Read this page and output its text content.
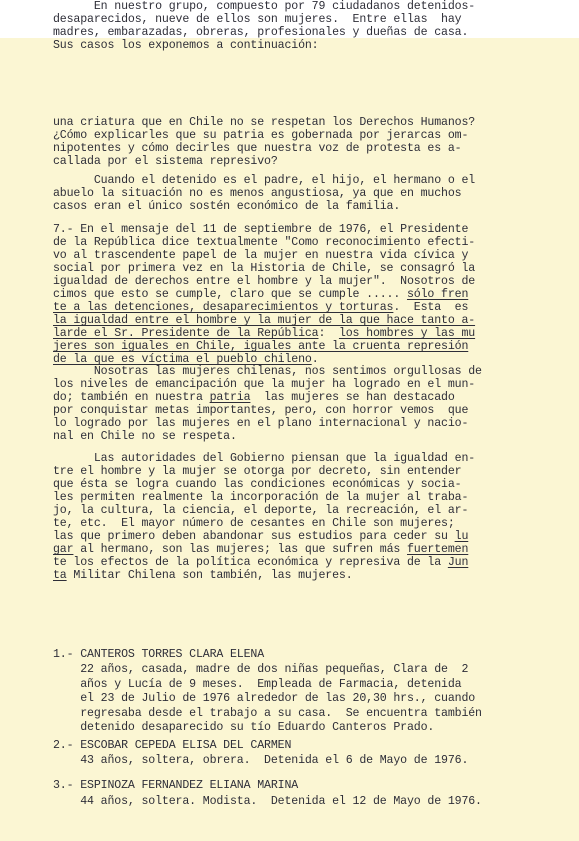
una criatura que en Chile no se respetan los Derechos Humanos?
¿Cómo explicarles que su patria es gobernada por jerarcas om-
nipotentes y cómo decirles que nuestra voz de protesta es a-
callada por el sistema represivo?
Cuando el detenido es el padre, el hijo, el hermano o el
abuelo la situación no es menos angustiosa, ya que en muchos
casos eran el único sostén económico de la familia.
7.- En el mensaje del 11 de septiembre de 1976, el Presidente
de la República dice textualmente "Como reconocimiento efecti-
vo al trascendente papel de la mujer en nuestra vida cívica y
social por primera vez en la Historia de Chile, se consagró la
igualdad de derechos entre el hombre y la mujer".  Nosotros de
cimos que esto se cumple, claro que se cumple ..... sólo fren
te a las detenciones, desaparecimientos y torturas.  Esta  es
la igualdad entre el hombre y la mujer de la que hace tanto a-
larde el Sr. Presidente de la República:  los hombres y las mu
jeres son iguales en Chile, iguales ante la cruenta represión
de la que es víctima el pueblo chileno.
Nosotras las mujeres chilenas, nos sentimos orgullosas de
los niveles de emancipación que la mujer ha logrado en el mun-
do; también en nuestra patria  las mujeres se han destacado
por conquistar metas importantes, pero, con horror vemos  que
lo logrado por las mujeres en el plano internacional y nacio-
nal en Chile no se respeta.
Las autoridades del Gobierno piensan que la igualdad en-
tre el hombre y la mujer se otorga por decreto, sin entender
que ésta se logra cuando las condiciones económicas y socia-
les permiten realmente la incorporación de la mujer al traba-
jo, la cultura, la ciencia, el deporte, la recreación, el ar-
te, etc.  El mayor número de cesantes en Chile son mujeres;
las que primero deben abandonar sus estudios para ceder su lu
gar al hermano, son las mujeres; las que sufren más fuertemen
te los efectos de la política económica y represiva de la Jun
ta Militar Chilena son también, las mujeres.
En nuestro grupo, compuesto por 79 ciudadanos detenidos-
desaparecidos, nueve de ellos son mujeres.  Entre ellas  hay
madres, embarazadas, obreras, profesionales y dueñas de casa.
Sus casos los exponemos a continuación:
1.- CANTEROS TORRES CLARA ELENA
22 años, casada, madre de dos niñas pequeñas, Clara de  2
años y Lucía de 9 meses.  Empleada de Farmacia, detenida
el 23 de Julio de 1976 alrededor de las 20,30 hrs., cuando
regresaba desde el trabajo a su casa.  Se encuentra también
detenido desaparecido su tío Eduardo Canteros Prado.
2.- ESCOBAR CEPEDA ELISA DEL CARMEN
43 años, soltera, obrera.  Detenida el 6 de Mayo de 1976.
3.- ESPINOZA FERNANDEZ ELIANA MARINA
44 años, soltera. Modista.  Detenida el 12 de Mayo de 1976.
